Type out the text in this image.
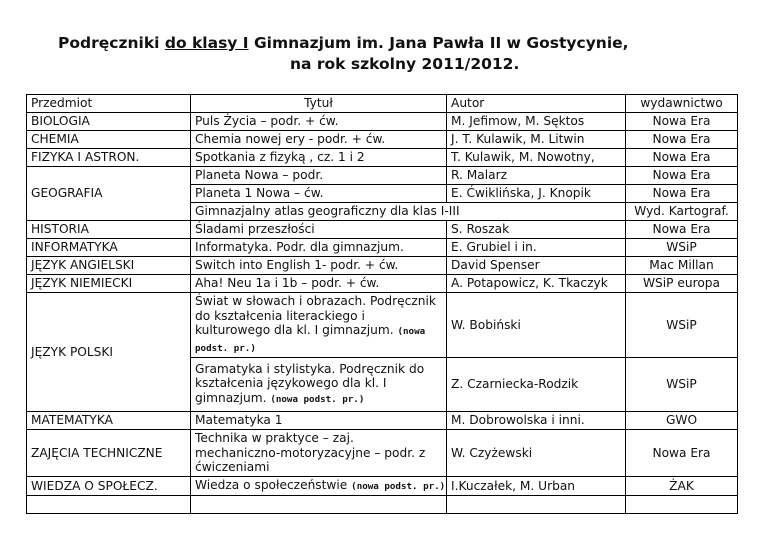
Podręczniki do klasy I Gimnazjum im. Jana Pawła II w Gostycynie,
na rok szkolny 2011/2012.
Przedmiot	Tytuł	Autor	wydawnictwo
BIOLOGIA	Puls Życia – podr. + ćw.	M. Jefimow, M. Sęktos	Nowa Era
CHEMIA	Chemia nowej ery - podr. + ćw.	J. T. Kulawik, M. Litwin	Nowa Era
FIZYKA I ASTRON.	Spotkania z fizyką , cz. 1 i 2	T. Kulawik, M. Nowotny,	Nowa Era
GEOGRAFIA	Planeta Nowa – podr.	R. Malarz	Nowa Era
	Planeta 1 Nowa – ćw.	E. Ćwiklińska, J. Knopik	Nowa Era
	Gimnazjalny atlas geograficzny dla klas I-III		Wyd. Kartograf.
HISTORIA	Śladami przeszłości	S. Roszak	Nowa Era
INFORMATYKA	Informatyka. Podr. dla gimnazjum.	E. Grubiel i in.	WSiP
JĘZYK ANGIELSKI	Switch into English 1- podr. + ćw.	David Spenser	Mac Millan
JĘZYK NIEMIECKI	Aha! Neu 1a i 1b – podr. + ćw.	A. Potapowicz, K. Tkaczyk	WSiP europa
JĘZYK POLSKI	Świat w słowach i obrazach. Podręcznik do kształcenia literackiego i kulturowego dla kl. I gimnazjum. (nowa podst. pr.)	W. Bobiński	WSiP
	Gramatyka i stylistyka. Podręcznik do kształcenia językowego dla kl. I gimnazjum. (nowa podst. pr.)	Z. Czarniecka-Rodzik	WSiP
MATEMATYKA	Matematyka 1	M. Dobrowolska i inni.	GWO
ZAJĘCIA TECHNICZNE	Technika w praktyce – zaj. mechaniczno-motoryzacyjne – podr. z ćwiczeniami	W. Czyżewski	Nowa Era
WIEDZA O SPOŁECZ.	Wiedza o społeczeństwie (nowa podst. pr.)	I.Kuczałek, M. Urban	ŻAK
